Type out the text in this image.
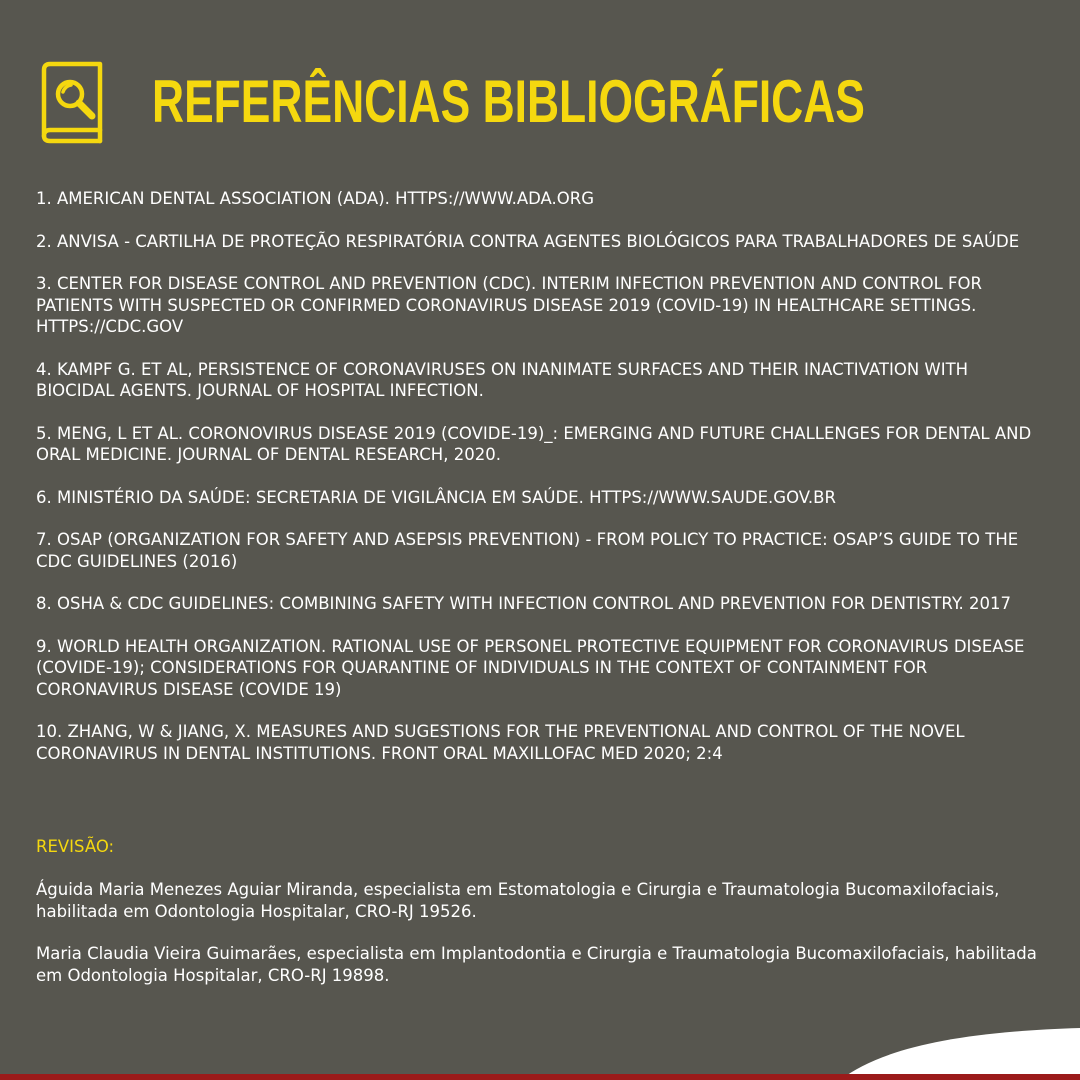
REFERÊNCIAS BIBLIOGRÁFICAS
1. AMERICAN DENTAL ASSOCIATION (ADA). HTTPS://WWW.ADA.ORG
2. ANVISA - CARTILHA DE PROTEÇÃO RESPIRATÓRIA CONTRA AGENTES BIOLÓGICOS PARA TRABALHADORES DE SAÚDE
3. CENTER FOR DISEASE CONTROL AND PREVENTION (CDC). INTERIM INFECTION PREVENTION AND CONTROL FOR PATIENTS WITH SUSPECTED OR CONFIRMED CORONAVIRUS DISEASE 2019 (COVID-19) IN HEALTHCARE SETTINGS. HTTPS://CDC.GOV
4. KAMPF G. ET AL, PERSISTENCE OF CORONAVIRUSES ON INANIMATE SURFACES AND THEIR INACTIVATION WITH BIOCIDAL AGENTS. JOURNAL OF HOSPITAL INFECTION.
5. MENG, L ET AL. CORONOVIRUS DISEASE 2019 (COVIDE-19)_: EMERGING AND FUTURE CHALLENGES FOR DENTAL AND ORAL MEDICINE. JOURNAL OF DENTAL RESEARCH, 2020.
6. MINISTÉRIO DA SAÚDE: SECRETARIA DE VIGILÂNCIA EM SAÚDE. HTTPS://WWW.SAUDE.GOV.BR
7. OSAP (ORGANIZATION FOR SAFETY AND ASEPSIS PREVENTION) - FROM POLICY TO PRACTICE: OSAP’S GUIDE TO THE CDC GUIDELINES (2016)
8. OSHA & CDC GUIDELINES: COMBINING SAFETY WITH INFECTION CONTROL AND PREVENTION FOR DENTISTRY. 2017
9. WORLD HEALTH ORGANIZATION. RATIONAL USE OF PERSONEL PROTECTIVE EQUIPMENT FOR CORONAVIRUS DISEASE (COVIDE-19); CONSIDERATIONS FOR QUARANTINE OF INDIVIDUALS IN THE CONTEXT OF CONTAINMENT FOR CORONAVIRUS DISEASE (COVIDE 19)
10. ZHANG, W & JIANG, X. MEASURES AND SUGESTIONS FOR THE PREVENTIONAL AND CONTROL OF THE NOVEL CORONAVIRUS IN DENTAL INSTITUTIONS. FRONT ORAL MAXILLOFAC MED 2020; 2:4
REVISÃO:

Águida Maria Menezes Aguiar Miranda, especialista em Estomatologia e Cirurgia e Traumatologia Bucomaxilofaciais, habilitada em Odontologia Hospitalar, CRO-RJ 19526.

Maria Claudia Vieira Guimarães, especialista em Implantodontia e Cirurgia e Traumatologia Bucomaxilofaciais, habilitada em Odontologia Hospitalar, CRO-RJ 19898.
